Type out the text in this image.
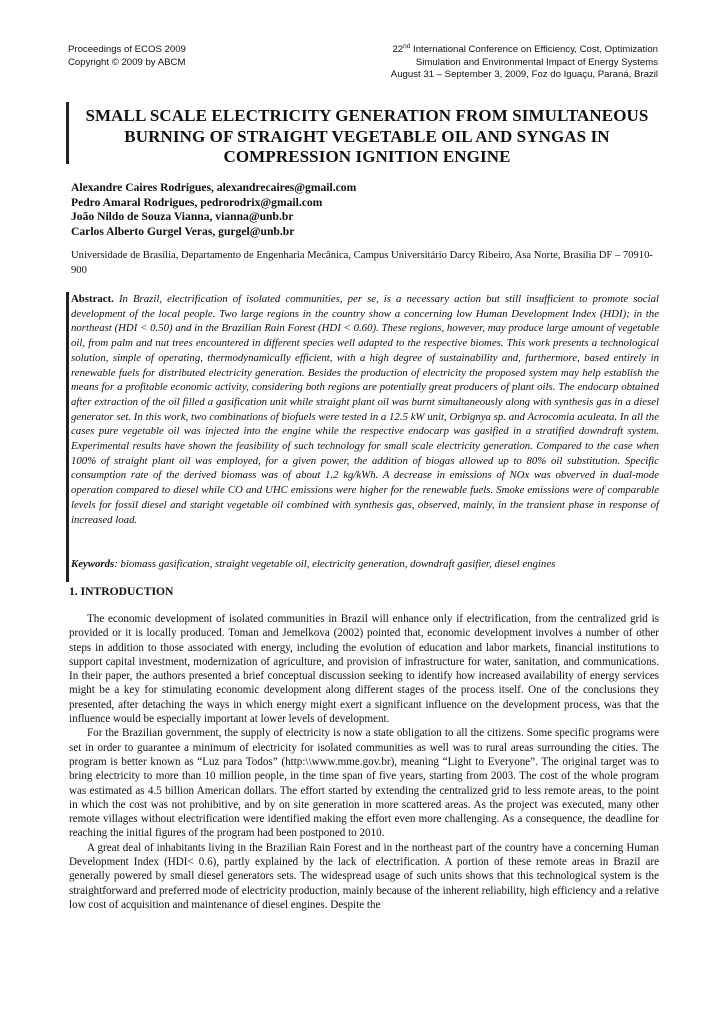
Proceedings of ECOS 2009
Copyright © 2009 by ABCM
22nd International Conference on Efficiency, Cost, Optimization
Simulation and Environmental Impact of Energy Systems
August 31 – September 3, 2009, Foz do Iguaçu, Paraná, Brazil
SMALL SCALE ELECTRICITY GENERATION FROM SIMULTANEOUS
BURNING OF STRAIGHT VEGETABLE OIL AND SYNGAS IN
COMPRESSION IGNITION ENGINE
Alexandre Caires Rodrigues, alexandrecaires@gmail.com
Pedro Amaral Rodrigues, pedrorodrix@gmail.com
João Nildo de Souza Vianna, vianna@unb.br
Carlos Alberto Gurgel Veras, gurgel@unb.br
Universidade de Brasília, Departamento de Engenharia Mecânica, Campus Universitário Darcy Ribeiro, Asa Norte, Brasília DF – 70910-900
Abstract. In Brazil, electrification of isolated communities, per se, is a necessary action but still insufficient to promote social development of the local people. Two large regions in the country show a concerning low Human Development Index (HDI); in the northeast (HDI < 0.50) and in the Brazilian Rain Forest (HDI < 0.60). These regions, however, may produce large amount of vegetable oil, from palm and nut trees encountered in different species well adapted to the respective biomes. This work presents a technological solution, simple of operating, thermodynamically efficient, with a high degree of sustainability and, furthermore, based entirely in renewable fuels for distributed electricity generation. Besides the production of electricity the proposed system may help establish the means for a profitable economic activity, considering both regions are potentially great producers of plant oils. The endocarp obtained after extraction of the oil filled a gasification unit while straight plant oil was burnt simultaneously along with synthesis gas in a diesel generator set. In this work, two combinations of biofuels were tested in a 12.5 kW unit, Orbignya sp. and Acrocomia aculeata. In all the cases pure vegetable oil was injected into the engine while the respective endocarp was gasified in a stratified downdraft system. Experimental results have shown the feasibility of such technology for small scale electricity generation. Compared to the case when 100% of straight plant oil was employed, for a given power, the addition of biogas allowed up to 80% oil substitution. Specific consumption rate of the derived biomass was of about 1.2 kg/kWh. A decrease in emissions of NOx was obverved in dual-mode operation compared to diesel while CO and UHC emissions were higher for the renewable fuels. Smoke emissions were of comparable levels for fossil diesel and staright vegetable oil combined with synthesis gas, observed, mainly, in the transient phase in response of increased load.
Keywords: biomass gasification, straight vegetable oil, electricity generation, downdraft gasifier, diesel engines
1. INTRODUCTION

The economic development of isolated communities in Brazil will enhance only if electrification, from the centralized grid is provided or it is locally produced. Toman and Jemelkova (2002) pointed that, economic development involves a number of other steps in addition to those associated with energy, including the evolution of education and labor markets, financial institutions to support capital investment, modernization of agriculture, and provision of infrastructure for water, sanitation, and communications. In their paper, the authors presented a brief conceptual discussion seeking to identify how increased availability of energy services might be a key for stimulating economic development along different stages of the process itself. One of the conclusions they presented, after detaching the ways in which energy might exert a significant influence on the development process, was that the influence would be especially important at lower levels of development.

For the Brazilian government, the supply of electricity is now a state obligation to all the citizens. Some specific programs were set in order to guarantee a minimum of electricity for isolated communities as well was to rural areas surrounding the cities. The program is better known as “Luz para Todos” (http:\\www.mme.gov.br), meaning “Light to Everyone”. The original target was to bring electricity to more than 10 million people, in the time span of five years, starting from 2003. The cost of the whole program was estimated as 4.5 billion American dollars. The effort started by extending the centralized grid to less remote areas, to the point in which the cost was not prohibitive, and by on site generation in more scattered areas. As the project was executed, many other remote villages without electrification were identified making the effort even more challenging. As a consequence, the deadline for reaching the initial figures of the program had been postponed to 2010.

A great deal of inhabitants living in the Brazilian Rain Forest and in the northeast part of the country have a concerning Human Development Index (HDI< 0.6), partly explained by the lack of electrification. A portion of these remote areas in Brazil are generally powered by small diesel generators sets. The widespread usage of such units shows that this technological system is the straightforward and preferred mode of electricity production, mainly because of the inherent reliability, high efficiency and a relative low cost of acquisition and maintenance of diesel engines. Despite the
